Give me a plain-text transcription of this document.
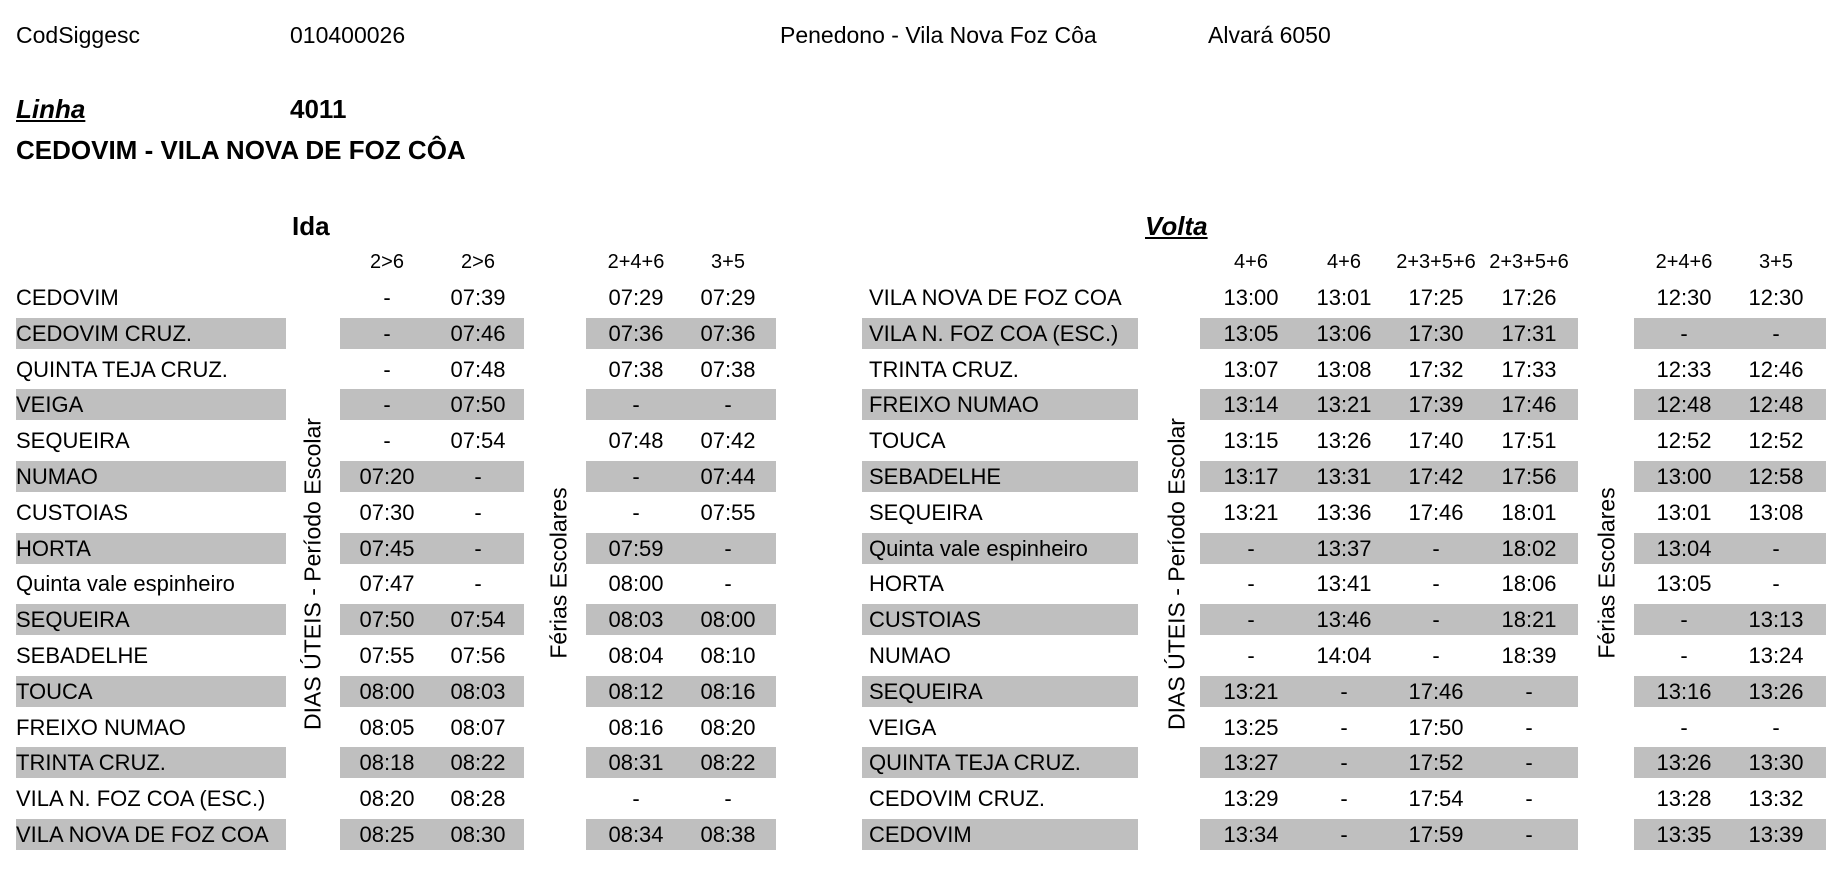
CodSiggesc	010400026	Penedono - Vila Nova Foz Côa	Alvará 6050
Linha	4011
CEDOVIM - VILA NOVA DE FOZ CÔA
Ida	Volta
2>6	2>6	2+4+6	3+5	4+6	4+6	2+3+5+6 2+3+5+6	2+4+6	3+5
DIAS ÚTEIS - Período Escolar	Férias Escolares	DIAS ÚTEIS - Período Escolar	Férias Escolares
CEDOVIM	-	07:39	07:29	07:29
CEDOVIM CRUZ.	-	07:46	07:36	07:36
QUINTA TEJA CRUZ.	-	07:48	07:38	07:38
VEIGA	-	07:50	-	-
SEQUEIRA	-	07:54	07:48	07:42
NUMAO	07:20	-	-	07:44
CUSTOIAS	07:30	-	-	07:55
HORTA	07:45	-	07:59	-
Quinta vale espinheiro	07:47	-	08:00	-
SEQUEIRA	07:50	07:54	08:03	08:00
SEBADELHE	07:55	07:56	08:04	08:10
TOUCA	08:00	08:03	08:12	08:16
FREIXO NUMAO	08:05	08:07	08:16	08:20
TRINTA CRUZ.	08:18	08:22	08:31	08:22
VILA N. FOZ COA (ESC.)	08:20	08:28	-	-
VILA NOVA DE FOZ COA	08:25	08:30	08:34	08:38
VILA NOVA DE FOZ COA	13:00	13:01	17:25	17:26	12:30	12:30
VILA N. FOZ COA (ESC.)	13:05	13:06	17:30	17:31	-	-
TRINTA CRUZ.	13:07	13:08	17:32	17:33	12:33	12:46
FREIXO NUMAO	13:14	13:21	17:39	17:46	12:48	12:48
TOUCA	13:15	13:26	17:40	17:51	12:52	12:52
SEBADELHE	13:17	13:31	17:42	17:56	13:00	12:58
SEQUEIRA	13:21	13:36	17:46	18:01	13:01	13:08
Quinta vale espinheiro	-	13:37	-	18:02	13:04	-
HORTA	-	13:41	-	18:06	13:05	-
CUSTOIAS	-	13:46	-	18:21	-	13:13
NUMAO	-	14:04	-	18:39	-	13:24
SEQUEIRA	13:21	-	17:46	-	13:16	13:26
VEIGA	13:25	-	17:50	-	-	-
QUINTA TEJA CRUZ.	13:27	-	17:52	-	13:26	13:30
CEDOVIM CRUZ.	13:29	-	17:54	-	13:28	13:32
CEDOVIM	13:34	-	17:59	-	13:35	13:39
